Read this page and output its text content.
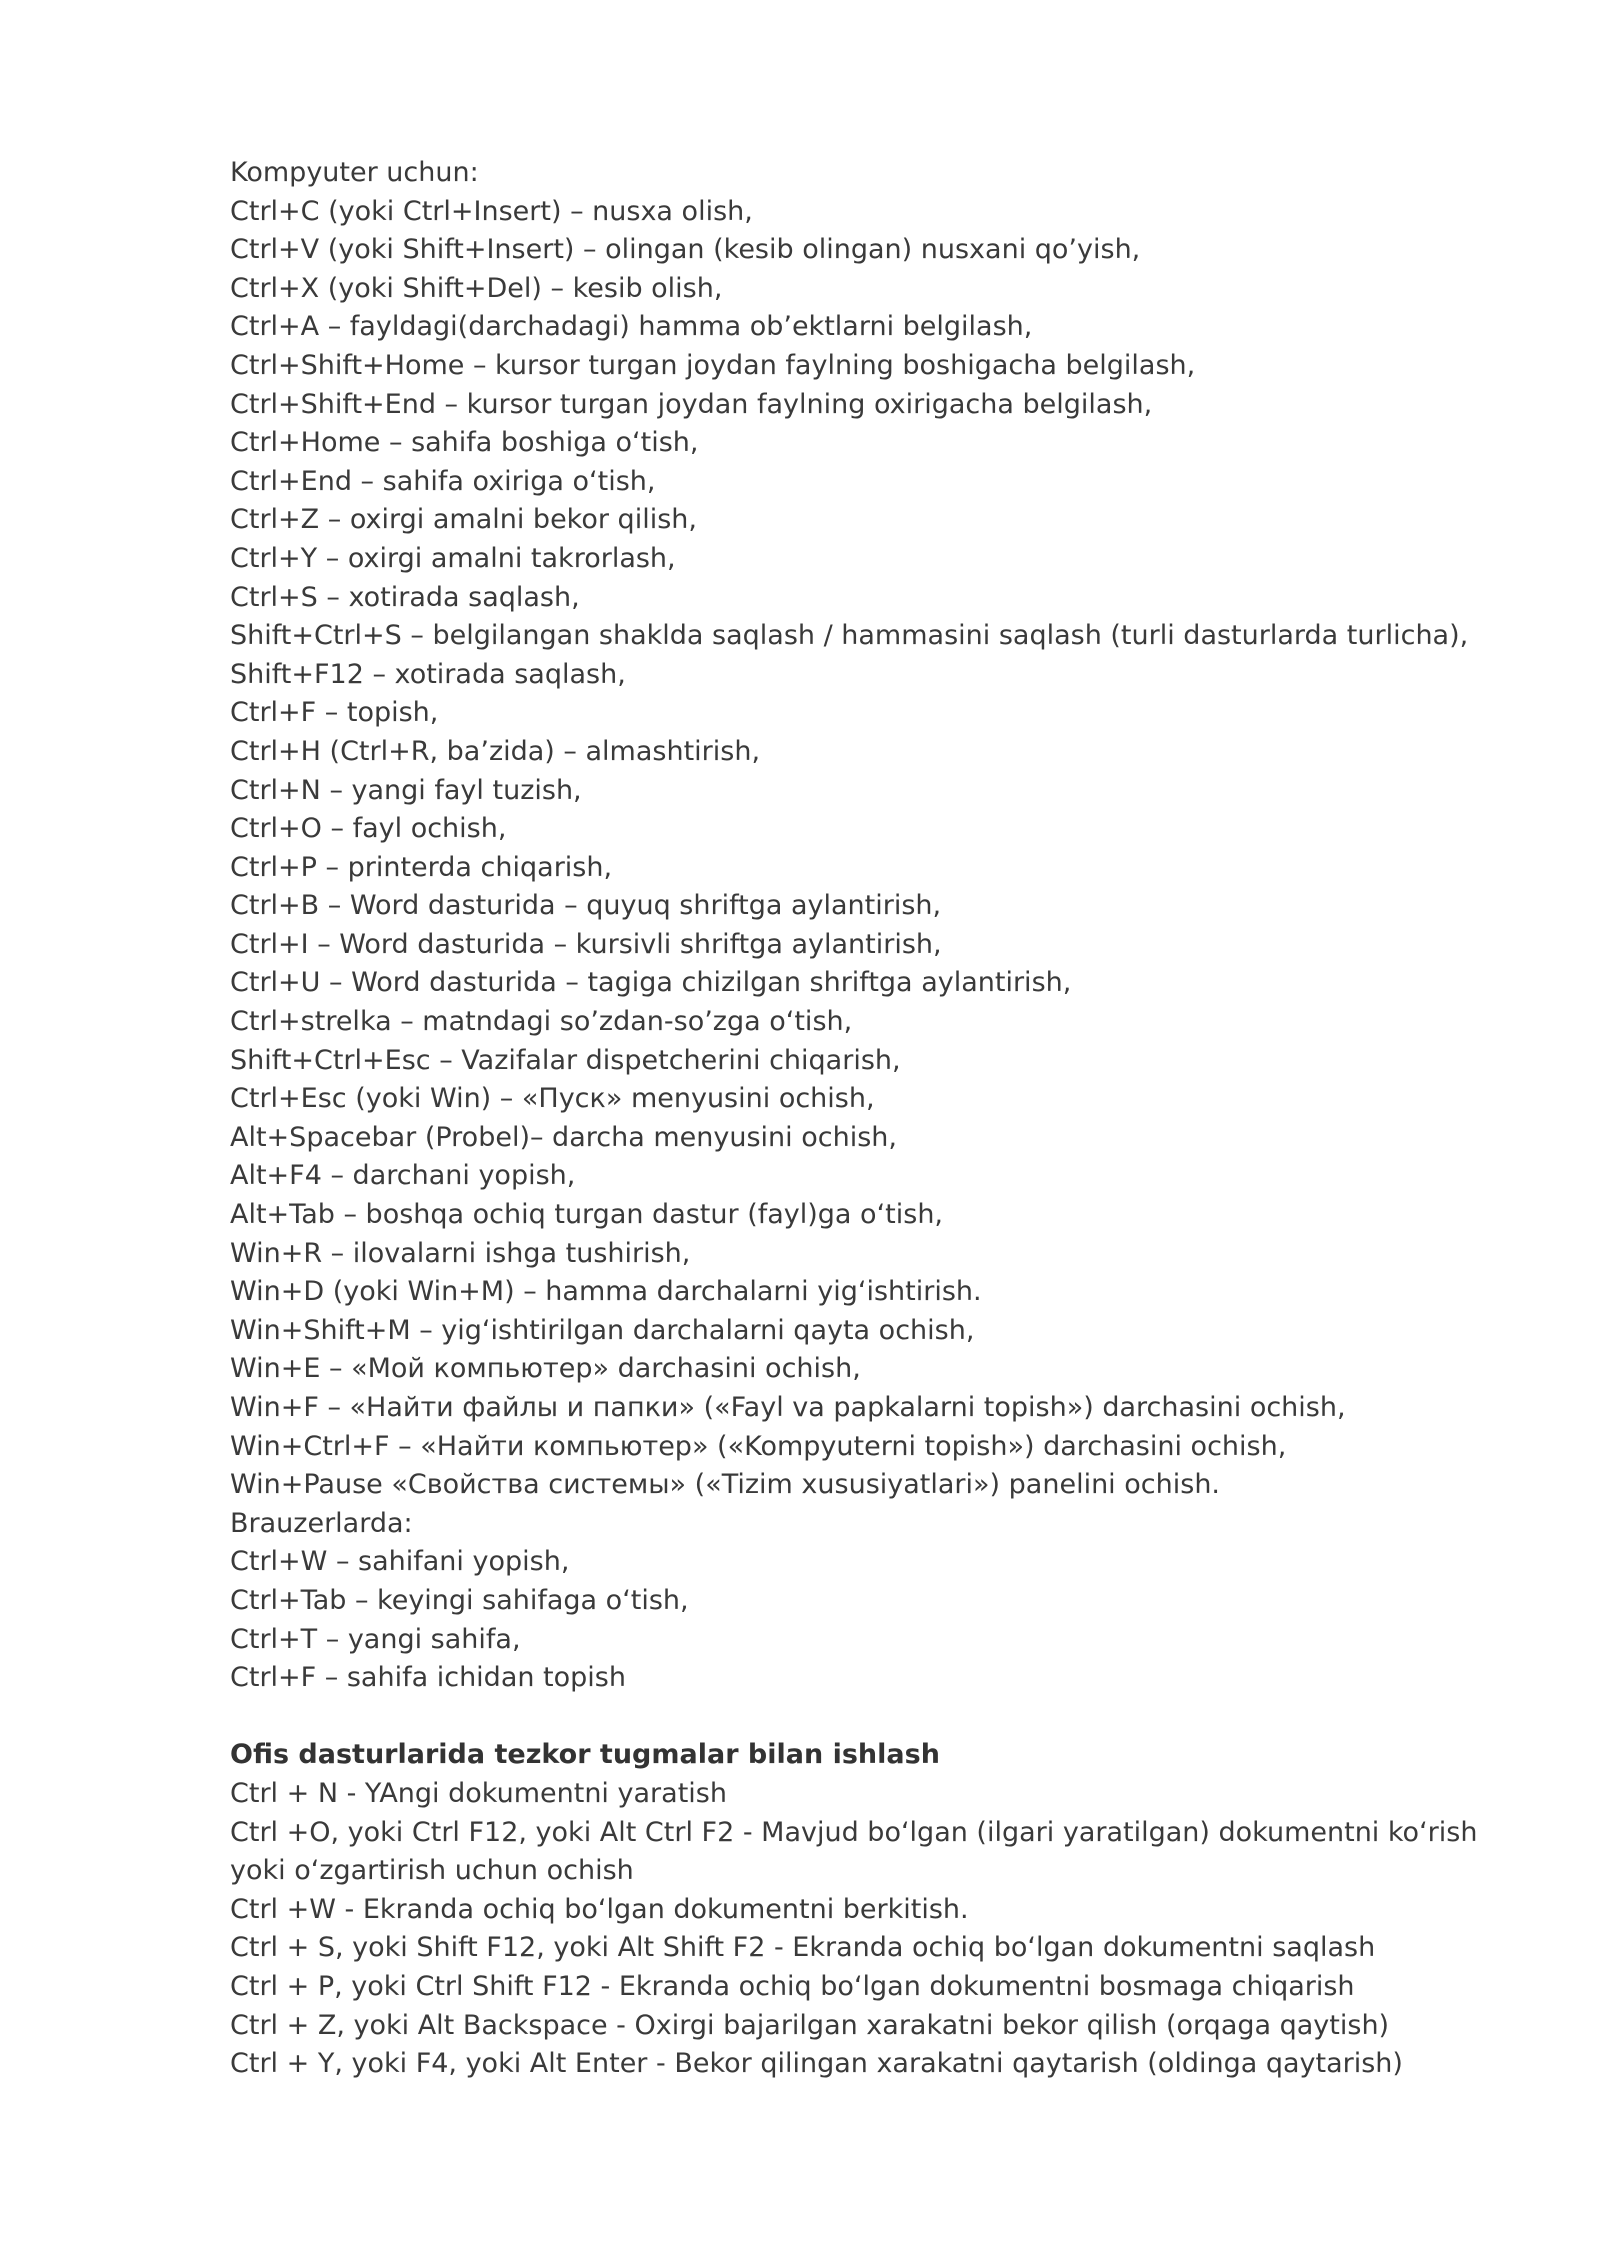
Kompyuter uchun:

Ctrl+C (yoki Ctrl+Insert) – nusxa olish,

Ctrl+V (yoki Shift+Insert) – olingan (kesib olingan) nusxani qo’yish,

Ctrl+X (yoki Shift+Del) – kesib olish,

Ctrl+A – fayldagi(darchadagi) hamma ob’ektlarni belgilash,

Ctrl+Shift+Home – kursor turgan joydan faylning boshigacha belgilash,

Ctrl+Shift+End – kursor turgan joydan faylning oxirigacha belgilash,

Ctrl+Home – sahifa boshiga o‘tish,

Ctrl+End – sahifa oxiriga o‘tish,

Ctrl+Z – oxirgi amalni bekor qilish,

Ctrl+Y – oxirgi amalni takrorlash,

Ctrl+S – xotirada saqlash,

Shift+Ctrl+S – belgilangan shaklda saqlash / hammasini saqlash (turli dasturlarda turlicha),

Shift+F12 – xotirada saqlash,

Ctrl+F – topish,

Ctrl+H (Ctrl+R, ba’zida) – almashtirish,

Ctrl+N – yangi fayl tuzish,

Ctrl+O – fayl ochish,

Ctrl+P – printerda chiqarish,

Ctrl+B – Word dasturida – quyuq shriftga aylantirish,

Ctrl+I – Word dasturida – kursivli shriftga aylantirish,

Ctrl+U – Word dasturida – tagiga chizilgan shriftga aylantirish,

Ctrl+strelka – matndagi so’zdan-so’zga o‘tish,

Shift+Ctrl+Esc – Vazifalar dispetcherini chiqarish,

Ctrl+Esc (yoki Win) – «Пуск» menyusini ochish,

Alt+Spacebar (Probel)– darcha menyusini ochish,

Alt+F4 – darchani yopish,

Alt+Tab – boshqa ochiq turgan dastur (fayl)ga o‘tish,

Win+R – ilovalarni ishga tushirish,

Win+D (yoki Win+M) – hamma darchalarni yig‘ishtirish.

Win+Shift+M – yig‘ishtirilgan darchalarni qayta ochish,

Win+E – «Мой компьютер» darchasini ochish,

Win+F – «Найти файлы и папки» («Fayl va papkalarni topish») darchasini ochish,

Win+Ctrl+F – «Найти компьютер» («Kompyuterni topish») darchasini ochish,

Win+Pause «Свойства системы» («Tizim xususiyatlari») panelini ochish.

Brauzerlarda:

Ctrl+W – sahifani yopish,

Ctrl+Tab – keyingi sahifaga o‘tish,

Ctrl+T – yangi sahifa,

Ctrl+F – sahifa ichidan topish

Ofis dasturlarida tezkor tugmalar bilan ishlash

Ctrl + N - YAngi dokumentni yaratish

Ctrl +O, yoki Ctrl F12, yoki Alt Ctrl F2 - Mavjud bo‘lgan (ilgari yaratilgan) dokumentni ko‘rish yoki o‘zgartirish uchun ochish

Ctrl +W - Ekranda ochiq bo‘lgan dokumentni berkitish.

Ctrl + S, yoki Shift F12, yoki Alt Shift F2 - Ekranda ochiq bo‘lgan dokumentni saqlash

Ctrl + P, yoki Ctrl Shift F12 - Ekranda ochiq bo‘lgan dokumentni bosmaga chiqarish

Ctrl + Z, yoki Alt Backspace - Oxirgi bajarilgan xarakatni bekor qilish (orqaga qaytish)

Ctrl + Y, yoki F4, yoki Alt Enter - Bekor qilingan xarakatni qaytarish (oldinga qaytarish)
